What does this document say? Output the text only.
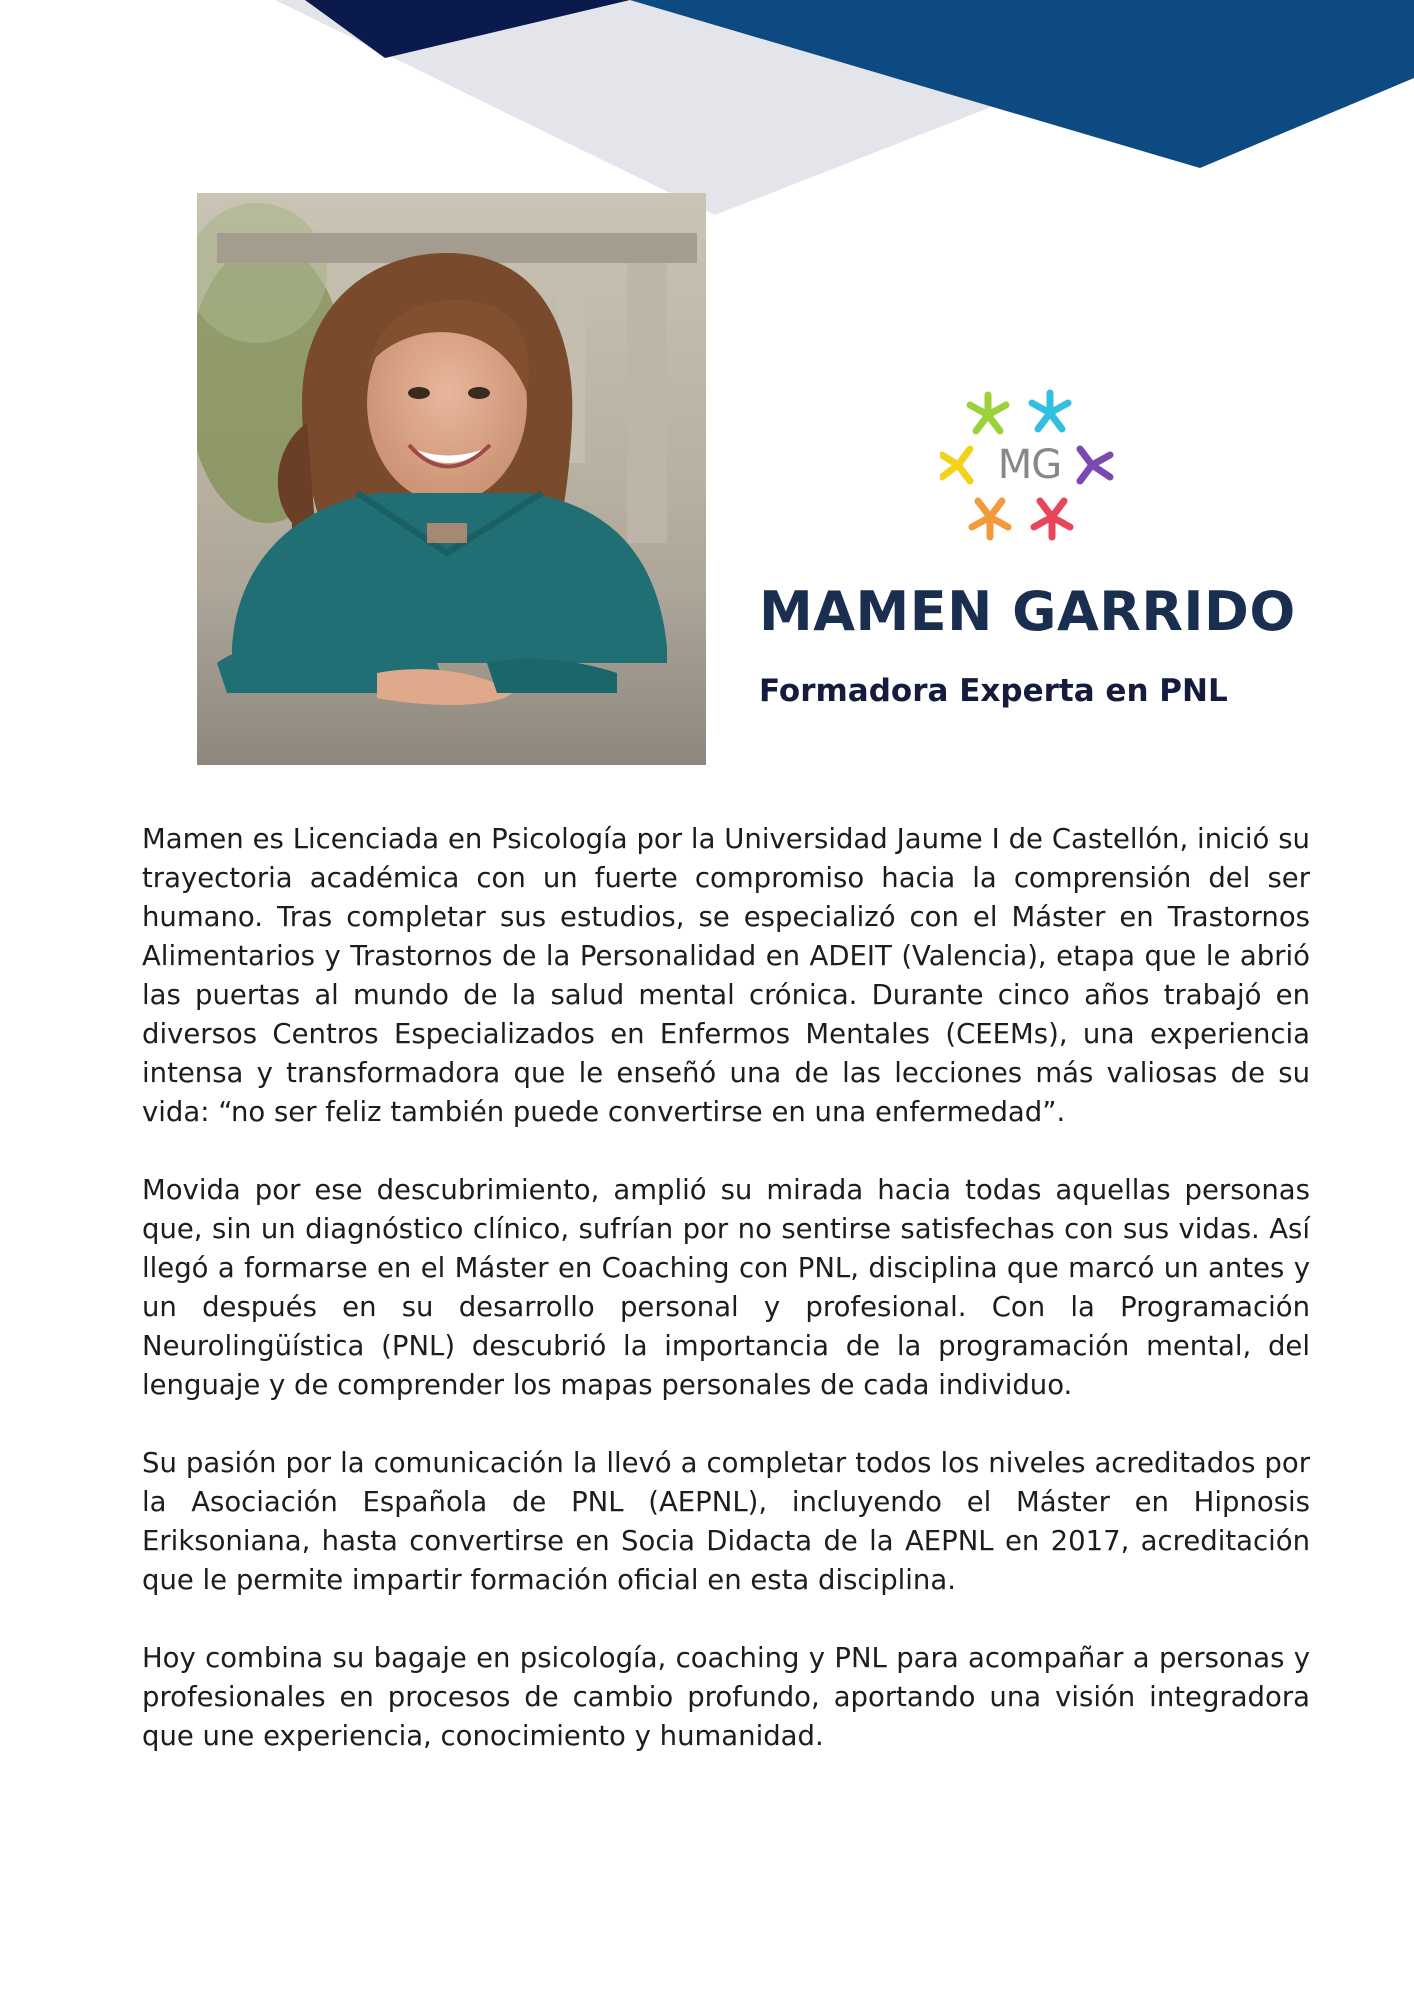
MG
MAMEN GARRIDO
Formadora Experta en PNL

Mamen es Licenciada en Psicología por la Universidad Jaume I de Castellón, inició su trayectoria académica con un fuerte compromiso hacia la comprensión del ser humano. Tras completar sus estudios, se especializó con el Máster en Trastornos Alimentarios y Trastornos de la Personalidad en ADEIT (Valencia), etapa que le abrió las puertas al mundo de la salud mental crónica. Durante cinco años trabajó en diversos Centros Especializados en Enfermos Mentales (CEEMs), una experiencia intensa y transformadora que le enseñó una de las lecciones más valiosas de su vida: “no ser feliz también puede convertirse en una enfermedad”.

Movida por ese descubrimiento, amplió su mirada hacia todas aquellas personas que, sin un diagnóstico clínico, sufrían por no sentirse satisfechas con sus vidas. Así llegó a formarse en el Máster en Coaching con PNL, disciplina que marcó un antes y un después en su desarrollo personal y profesional. Con la Programación Neurolingüística (PNL) descubrió la importancia de la programación mental, del lenguaje y de comprender los mapas personales de cada individuo.

Su pasión por la comunicación la llevó a completar todos los niveles acreditados por la Asociación Española de PNL (AEPNL), incluyendo el Máster en Hipnosis Eriksoniana, hasta convertirse en Socia Didacta de la AEPNL en 2017, acreditación que le permite impartir formación oficial en esta disciplina.

Hoy combina su bagaje en psicología, coaching y PNL para acompañar a personas y profesionales en procesos de cambio profundo, aportando una visión integradora que une experiencia, conocimiento y humanidad.
